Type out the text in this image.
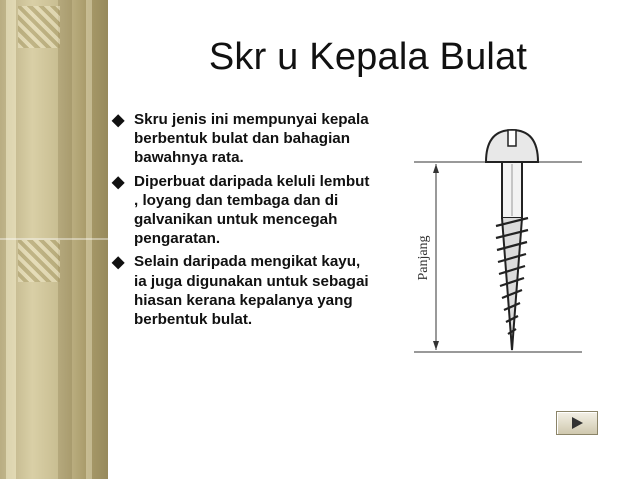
Skr u Kepala Bulat
◆ Skru jenis ini mempunyai kepala berbentuk bulat dan bahagian bawahnya rata.
◆ Diperbuat daripada keluli lembut , loyang dan tembaga dan di galvanikan untuk mencegah pengaratan.
◆ Selain daripada mengikat kayu, ia juga digunakan untuk sebagai hiasan kerana kepalanya yang berbentuk bulat.
Panjang
